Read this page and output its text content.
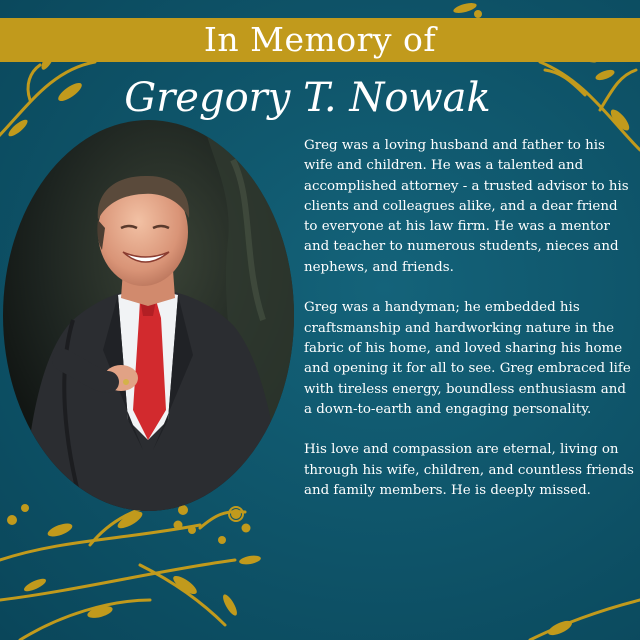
In Memory of
Gregory T. Nowak

Greg was a loving husband and father to his wife and children. He was a talented and accomplished attorney - a trusted advisor to his clients and colleagues alike, and a dear friend to everyone at his law firm. He was a mentor and teacher to numerous students, nieces and nephews, and friends.

Greg was a handyman; he embedded his craftsmanship and hardworking nature in the fabric of his home, and loved sharing his home and opening it for all to see. Greg embraced life with tireless energy, boundless enthusiasm and a down-to-earth and engaging personality.

His love and compassion are eternal, living on through his wife, children, and countless friends and family members. He is deeply missed.
